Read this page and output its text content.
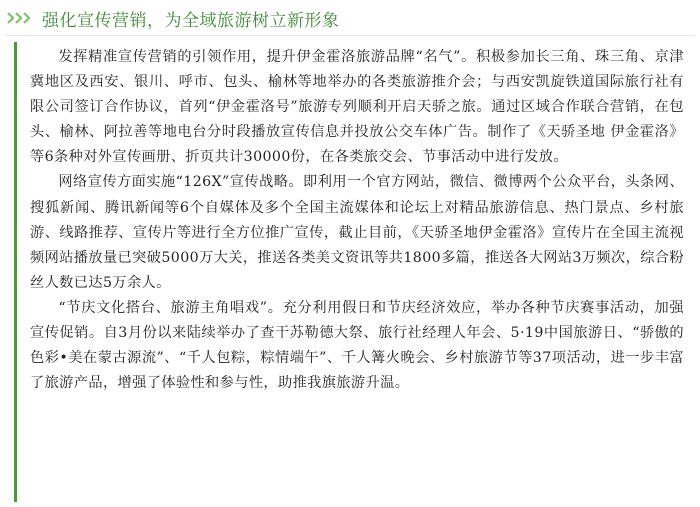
强化宣传营销，为全域旅游树立新形象

发挥精准宣传营销的引领作用，提升伊金霍洛旅游品牌“名气”。积极参加长三角、珠三角、京津冀地区及西安、银川、呼市、包头、榆林等地举办的各类旅游推介会；与西安凯旋铁道国际旅行社有限公司签订合作协议，首列“伊金霍洛号”旅游专列顺利开启天骄之旅。通过区域合作联合营销，在包头、榆林、阿拉善等地电台分时段播放宣传信息并投放公交车体广告。制作了《天骄圣地 伊金霍洛》等6条种对外宣传画册、折页共计30000份，在各类旅交会、节事活动中进行发放。

网络宣传方面实施“126X”宣传战略。即利用一个官方网站，微信、微博两个公众平台，头条网、搜狐新闻、腾讯新闻等6个自媒体及多个全国主流媒体和论坛上对精品旅游信息、热门景点、乡村旅游、线路推荐、宣传片等进行全方位推广宣传，截止目前，《天骄圣地伊金霍洛》宣传片在全国主流视频网站播放量已突破5000万大关，推送各类美文资讯等共1800多篇，推送各大网站3万频次，综合粉丝人数已达5万余人。

“节庆文化搭台、旅游主角唱戏”。充分利用假日和节庆经济效应，举办各种节庆赛事活动，加强宣传促销。自3月份以来陆续举办了查干苏勒德大祭、旅行社经理人年会、5·19中国旅游日、“骄傲的色彩•美在蒙古源流”、“千人包粽，粽情端午”、千人篝火晚会、乡村旅游节等37项活动，进一步丰富了旅游产品，增强了体验性和参与性，助推我旗旅游升温。
